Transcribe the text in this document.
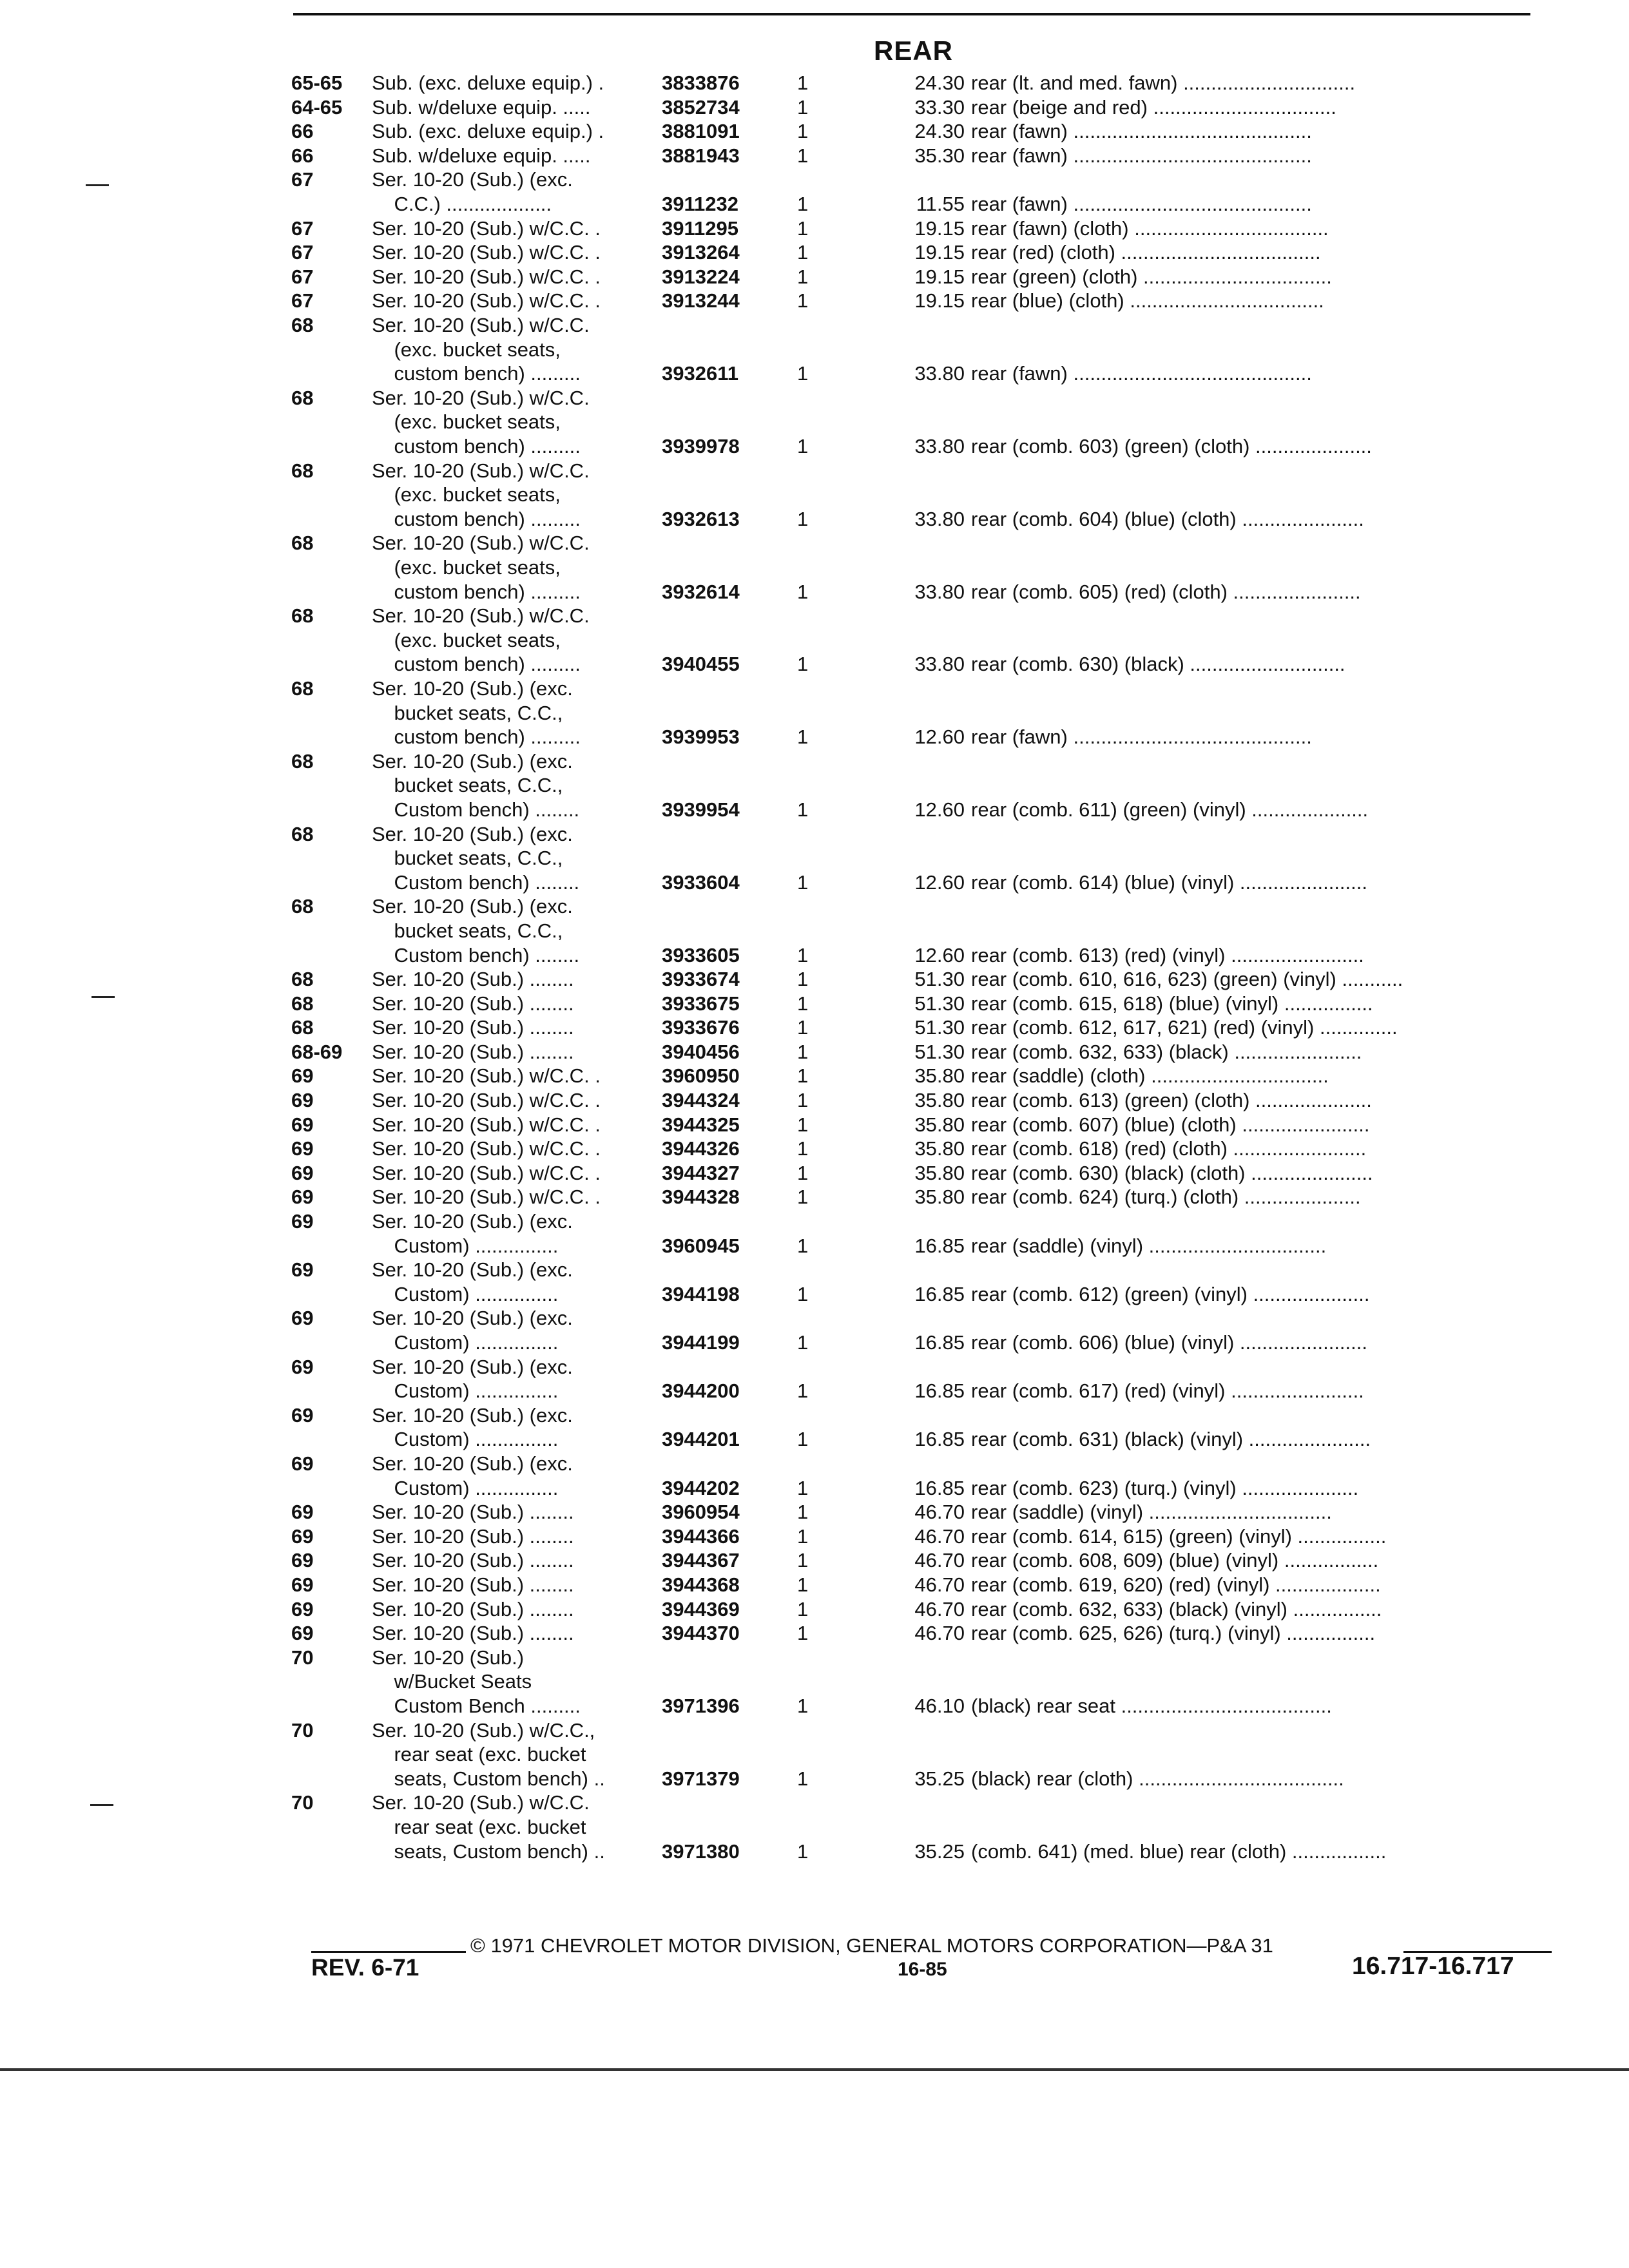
REAR
65-65 Sub. (exc. deluxe equip.) .	3833876	1	24.30 rear (lt. and med. fawn) ...............................
64-65 Sub. w/deluxe equip. .....	3852734	1	33.30 rear (beige and red) .................................
66	Sub. (exc. deluxe equip.) .	3881091	1	24.30 rear (fawn) ...........................................
66	Sub. w/deluxe equip. .....	3881943	1	35.30 rear (fawn) ...........................................
67	Ser. 10-20 (Sub.) (exc.
C.C.) ...................	3911232	1	11.55 rear (fawn) ...........................................
67	Ser. 10-20 (Sub.) w/C.C. .	3911295	1	19.15 rear (fawn) (cloth) ...................................
67	Ser. 10-20 (Sub.) w/C.C. .	3913264	1	19.15 rear (red) (cloth) ....................................
67	Ser. 10-20 (Sub.) w/C.C. .	3913224	1	19.15 rear (green) (cloth) ..................................
67	Ser. 10-20 (Sub.) w/C.C. .	3913244	1	19.15 rear (blue) (cloth) ...................................
68	Ser. 10-20 (Sub.) w/C.C.
(exc. bucket seats,
custom bench) .........	3932611	1	33.80 rear (fawn) ...........................................
68	Ser. 10-20 (Sub.) w/C.C.
(exc. bucket seats,
custom bench) .........	3939978	1	33.80 rear (comb. 603) (green) (cloth) .....................
68	Ser. 10-20 (Sub.) w/C.C.
(exc. bucket seats,
custom bench) .........	3932613	1	33.80 rear (comb. 604) (blue) (cloth) ......................
68	Ser. 10-20 (Sub.) w/C.C.
(exc. bucket seats,
custom bench) .........	3932614	1	33.80 rear (comb. 605) (red) (cloth) .......................
68	Ser. 10-20 (Sub.) w/C.C.
(exc. bucket seats,
custom bench) .........	3940455	1	33.80 rear (comb. 630) (black) ............................
68	Ser. 10-20 (Sub.) (exc.
bucket seats, C.C.,
custom bench) .........	3939953	1	12.60 rear (fawn) ...........................................
68	Ser. 10-20 (Sub.) (exc.
bucket seats, C.C.,
Custom bench) ........	3939954	1	12.60 rear (comb. 611) (green) (vinyl) .....................
68	Ser. 10-20 (Sub.) (exc.
bucket seats, C.C.,
Custom bench) ........	3933604	1	12.60 rear (comb. 614) (blue) (vinyl) .......................
68	Ser. 10-20 (Sub.) (exc.
bucket seats, C.C.,
Custom bench) ........	3933605	1	12.60 rear (comb. 613) (red) (vinyl) ........................
68	Ser. 10-20 (Sub.) ........	3933674	1	51.30 rear (comb. 610, 616, 623) (green) (vinyl) ...........
68	Ser. 10-20 (Sub.) ........	3933675	1	51.30 rear (comb. 615, 618) (blue) (vinyl) ................
68	Ser. 10-20 (Sub.) ........	3933676	1	51.30 rear (comb. 612, 617, 621) (red) (vinyl) ..............
68-69 Ser. 10-20 (Sub.) ........	3940456	1	51.30 rear (comb. 632, 633) (black) .......................
69	Ser. 10-20 (Sub.) w/C.C. .	3960950	1	35.80 rear (saddle) (cloth) ................................
69	Ser. 10-20 (Sub.) w/C.C. .	3944324	1	35.80 rear (comb. 613) (green) (cloth) .....................
69	Ser. 10-20 (Sub.) w/C.C. .	3944325	1	35.80 rear (comb. 607) (blue) (cloth) .......................
69	Ser. 10-20 (Sub.) w/C.C. .	3944326	1	35.80 rear (comb. 618) (red) (cloth) ........................
69	Ser. 10-20 (Sub.) w/C.C. .	3944327	1	35.80 rear (comb. 630) (black) (cloth) ......................
69	Ser. 10-20 (Sub.) w/C.C. .	3944328	1	35.80 rear (comb. 624) (turq.) (cloth) .....................
69	Ser. 10-20 (Sub.) (exc.
Custom) ...............	3960945	1	16.85 rear (saddle) (vinyl) ................................
69	Ser. 10-20 (Sub.) (exc.
Custom) ...............	3944198	1	16.85 rear (comb. 612) (green) (vinyl) .....................
69	Ser. 10-20 (Sub.) (exc.
Custom) ...............	3944199	1	16.85 rear (comb. 606) (blue) (vinyl) .......................
69	Ser. 10-20 (Sub.) (exc.
Custom) ...............	3944200	1	16.85 rear (comb. 617) (red) (vinyl) ........................
69	Ser. 10-20 (Sub.) (exc.
Custom) ...............	3944201	1	16.85 rear (comb. 631) (black) (vinyl) ......................
69	Ser. 10-20 (Sub.) (exc.
Custom) ...............	3944202	1	16.85 rear (comb. 623) (turq.) (vinyl) .....................
69	Ser. 10-20 (Sub.) ........	3960954	1	46.70 rear (saddle) (vinyl) .................................
69	Ser. 10-20 (Sub.) ........	3944366	1	46.70 rear (comb. 614, 615) (green) (vinyl) ................
69	Ser. 10-20 (Sub.) ........	3944367	1	46.70 rear (comb. 608, 609) (blue) (vinyl) .................
69	Ser. 10-20 (Sub.) ........	3944368	1	46.70 rear (comb. 619, 620) (red) (vinyl) ...................
69	Ser. 10-20 (Sub.) ........	3944369	1	46.70 rear (comb. 632, 633) (black) (vinyl) ................
69	Ser. 10-20 (Sub.) ........	3944370	1	46.70 rear (comb. 625, 626) (turq.) (vinyl) ................
70	Ser. 10-20 (Sub.)
w/Bucket Seats
Custom Bench .........	3971396	1	46.10 (black) rear seat ......................................
70	Ser. 10-20 (Sub.) w/C.C.,
rear seat (exc. bucket
seats, Custom bench) ..	3971379	1	35.25 (black) rear (cloth) .....................................
70	Ser. 10-20 (Sub.) w/C.C.
rear seat (exc. bucket
seats, Custom bench) ..	3971380	1	35.25 (comb. 641) (med. blue) rear (cloth) .................
© 1971 CHEVROLET MOTOR DIVISION, GENERAL MOTORS CORPORATION—P&A 31
REV. 6-71	16-85	16.717-16.717
